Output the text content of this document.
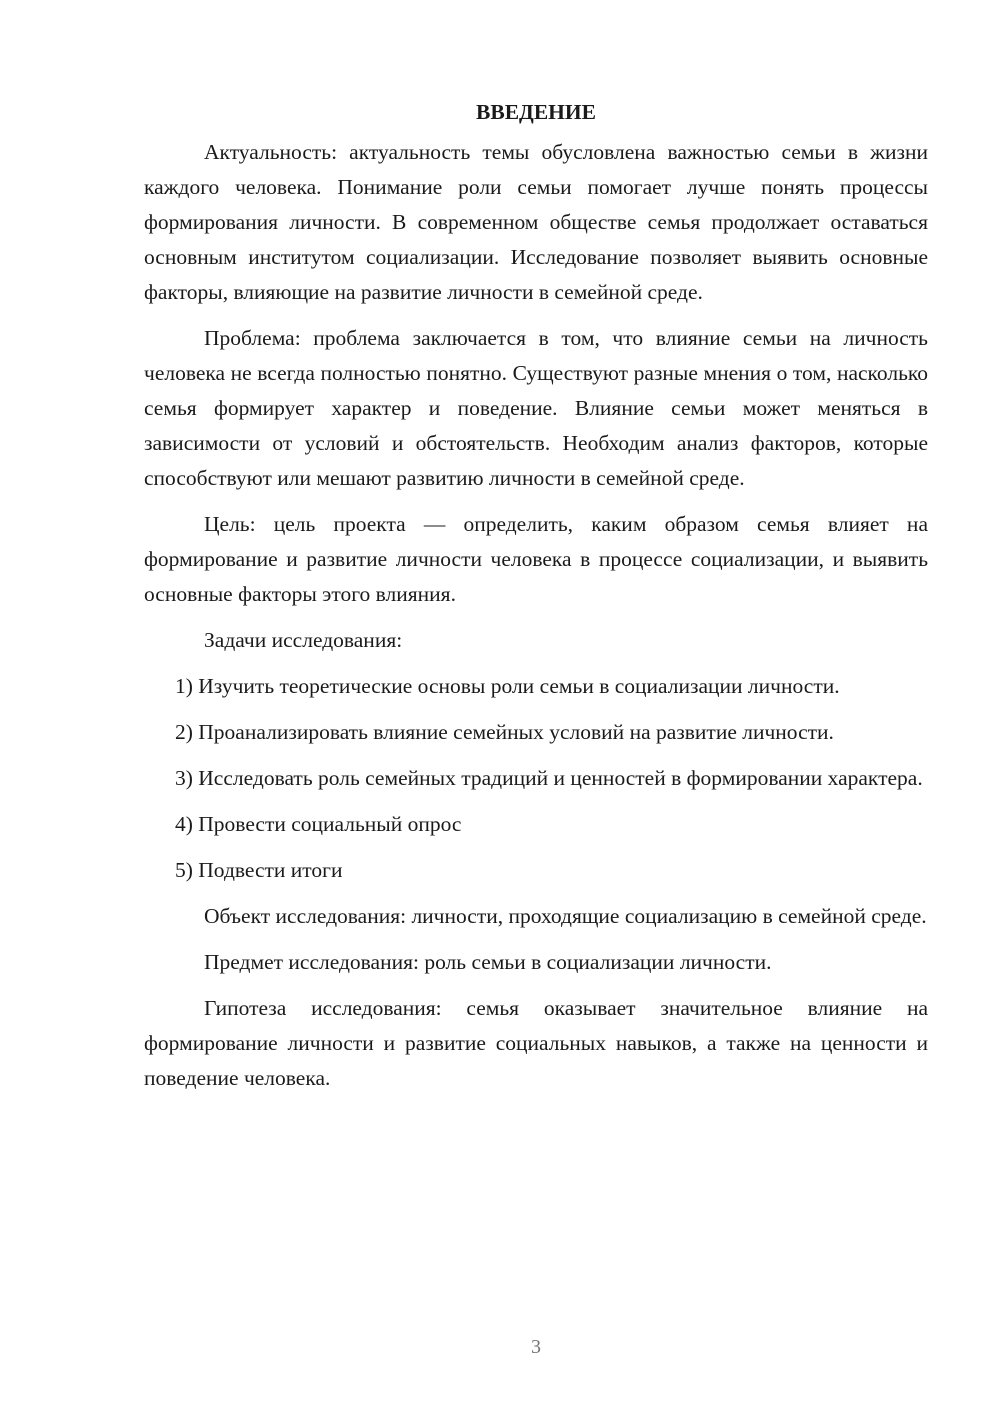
ВВЕДЕНИЕ

Актуальность: актуальность темы обусловлена важностью семьи в жизни каждого человека. Понимание роли семьи помогает лучше понять процессы формирования личности. В современном обществе семья продолжает оставаться основным институтом социализации. Исследование позволяет выявить основные факторы, влияющие на развитие личности в семейной среде.

Проблема: проблема заключается в том, что влияние семьи на личность человека не всегда полностью понятно. Существуют разные мнения о том, насколько семья формирует характер и поведение. Влияние семьи может меняться в зависимости от условий и обстоятельств. Необходим анализ факторов, которые способствуют или мешают развитию личности в семейной среде.

Цель: цель проекта — определить, каким образом семья влияет на формирование и развитие личности человека в процессе социализации, и выявить основные факторы этого влияния.

Задачи исследования:

1) Изучить теоретические основы роли семьи в социализации личности.

2) Проанализировать влияние семейных условий на развитие личности.

3) Исследовать роль семейных традиций и ценностей в формировании характера.

4) Провести социальный опрос

5) Подвести итоги

Объект исследования: личности, проходящие социализацию в семейной среде.

Предмет исследования: роль семьи в социализации личности.

Гипотеза исследования: семья оказывает значительное влияние на формирование личности и развитие социальных навыков, а также на ценности и поведение человека.

3
